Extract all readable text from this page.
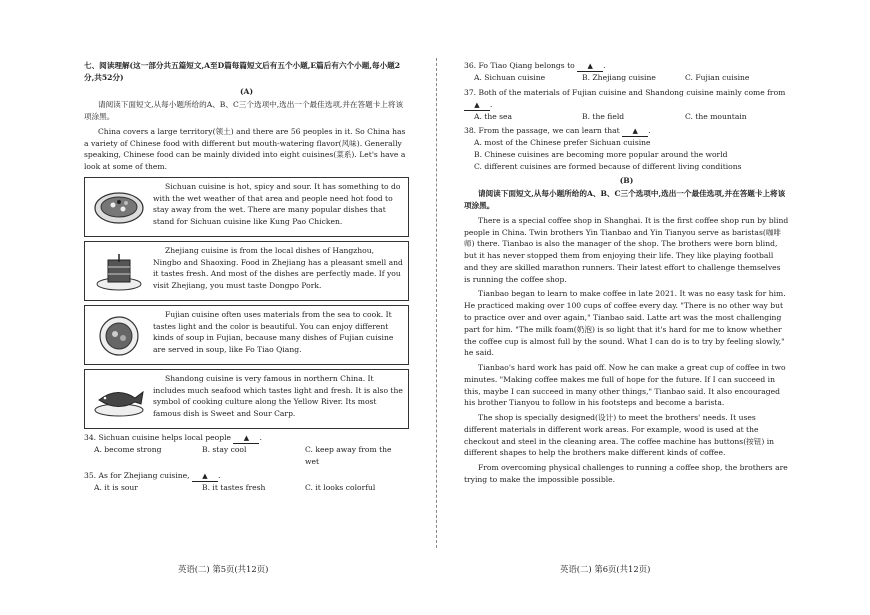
七、阅读理解(这一部分共五篇短文,A至D篇每篇短文后有五个小题,E篇后有六个小题,每小题2分,共52分)

(A)

请阅读下面短文,从每小题所给的A、B、C三个选项中,选出一个最佳选项,并在答题卡上将该项涂黑。

China covers a large territory(领土) and there are 56 peoples in it. So China has a variety of Chinese food with different but mouth-watering flavor(风味). Generally speaking, Chinese food can be mainly divided into eight cuisines(菜系). Let's have a look at some of them.

Sichuan cuisine is hot, spicy and sour. It has something to do with the wet weather of that area and people need hot food to stay away from the wet. There are many popular dishes that stand for Sichuan cuisine like Kung Pao Chicken.

Zhejiang cuisine is from the local dishes of Hangzhou, Ningbo and Shaoxing. Food in Zhejiang has a pleasant smell and it tastes fresh. And most of the dishes are perfectly made. If you visit Zhejiang, you must taste Dongpo Pork.

Fujian cuisine often uses materials from the sea to cook. It tastes light and the color is beautiful. You can enjoy different kinds of soup in Fujian, because many dishes of Fujian cuisine are served in soup, like Fo Tiao Qiang.

Shandong cuisine is very famous in northern China. It includes much seafood which tastes light and fresh. It is also the symbol of cooking culture along the Yellow River. Its most famous dish is Sweet and Sour Carp.

34. Sichuan cuisine helps local people ▲ .

A. become strong	B. stay cool	C. keep away from the wet

35. As for Zhejiang cuisine, ▲ .

A. it is sour	B. it tastes fresh	C. it looks colorful

36. Fo Tiao Qiang belongs to ▲ .

A. Sichuan cuisine	B. Zhejiang cuisine	C. Fujian cuisine

37. Both of the materials of Fujian cuisine and Shandong cuisine mainly come from ▲ .

A. the sea	B. the field	C. the mountain

38. From the passage, we can learn that ▲ .

A. most of the Chinese prefer Sichuan cuisine

B. Chinese cuisines are becoming more popular around the world

C. different cuisines are formed because of different living conditions

(B)

请阅读下面短文,从每小题所给的A、B、C三个选项中,选出一个最佳选项,并在答题卡上将该项涂黑。

There is a special coffee shop in Shanghai. It is the first coffee shop run by blind people in China. Twin brothers Yin Tianbao and Yin Tianyou serve as baristas(咖啡师) there. Tianbao is also the manager of the shop. The brothers were born blind, but it has never stopped them from enjoying their life. They like playing football and they are skilled marathon runners. Their latest effort to challenge themselves is running the coffee shop.

Tianbao began to learn to make coffee in late 2021. It was no easy task for him. He practiced making over 100 cups of coffee every day. "There is no other way but to practice over and over again," Tianbao said. Latte art was the most challenging part for him. "The milk foam(奶泡) is so light that it's hard for me to know whether the coffee cup is almost full by the sound. What I can do is to try by feeling slowly," he said.

Tianbao's hard work has paid off. Now he can make a great cup of coffee in two minutes. "Making coffee makes me full of hope for the future. If I can succeed in this, maybe I can succeed in many other things," Tianbao said. It also encouraged his brother Tianyou to follow in his footsteps and become a barista.

The shop is specially designed(设计) to meet the brothers' needs. It uses different materials in different work areas. For example, wood is used at the checkout and steel in the cleaning area. The coffee machine has buttons(按钮) in different shapes to help the brothers make different kinds of coffee.

From overcoming physical challenges to running a coffee shop, the brothers are trying to make the impossible possible.

英语(二) 第5页(共12页)	英语(二) 第6页(共12页)
